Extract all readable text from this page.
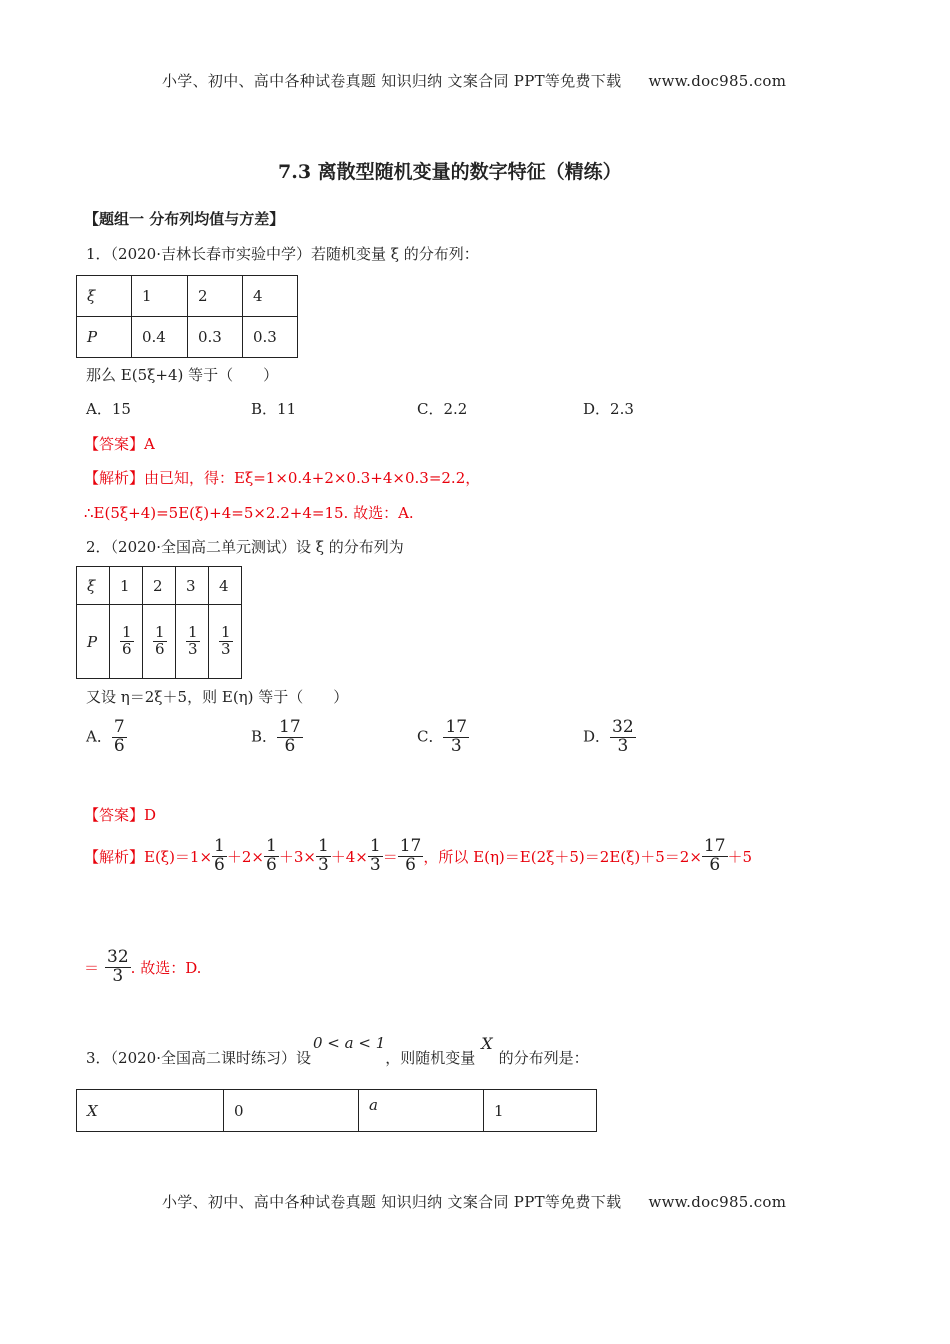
小学、初中、高中各种试卷真题 知识归纳 文案合同 PPT等免费下载 www.doc985.com
7.3 离散型随机变量的数字特征（精练）
【题组一 分布列均值与方差】
1．（2020·吉林长春市实验中学）若随机变量 ξ 的分布列：
ξ	1	2	4
P	0.4	0.3	0.3
那么 E(5ξ+4) 等于（　　）
A．15	B．11	C．2.2	D．2.3
【答案】A
【解析】由已知，得：Eξ=1×0.4+2×0.3+4×0.3=2.2，
∴E(5ξ+4)=5E(ξ)+4=5×2.2+4=15. 故选：A.
2．（2020·全国高二单元测试）设 ξ 的分布列为
ξ	1	2	3	4
P	$\frac{1}{6}$	$\frac{1}{6}$	$\frac{1}{3}$	$\frac{1}{3}$
又设 η＝2ξ＋5，则 E(η) 等于（　　）
A． $\frac{7}{6}$	B． $\frac{17}{6}$	C． $\frac{17}{3}$	D． $\frac{32}{3}$
【答案】D
【解析】$E(\xi)=1\times \frac{1}{6} +2\times \frac{1}{6} +3\times \frac{1}{3} +4\times \frac{1}{3} = \frac{17}{6}$ ，所以 $E(\eta)=E(2\xi+5)=2E(\xi)+5=2\times \frac{17}{6} +5$
＝ $\frac{32}{3}$ . 故选：D.
3．（2020·全国高二课时练习）设
0 < a < 1
，则随机变量
X
的分布列是：
X	0	a	1
小学、初中、高中各种试卷真题 知识归纳 文案合同 PPT等免费下载 www.doc985.com
